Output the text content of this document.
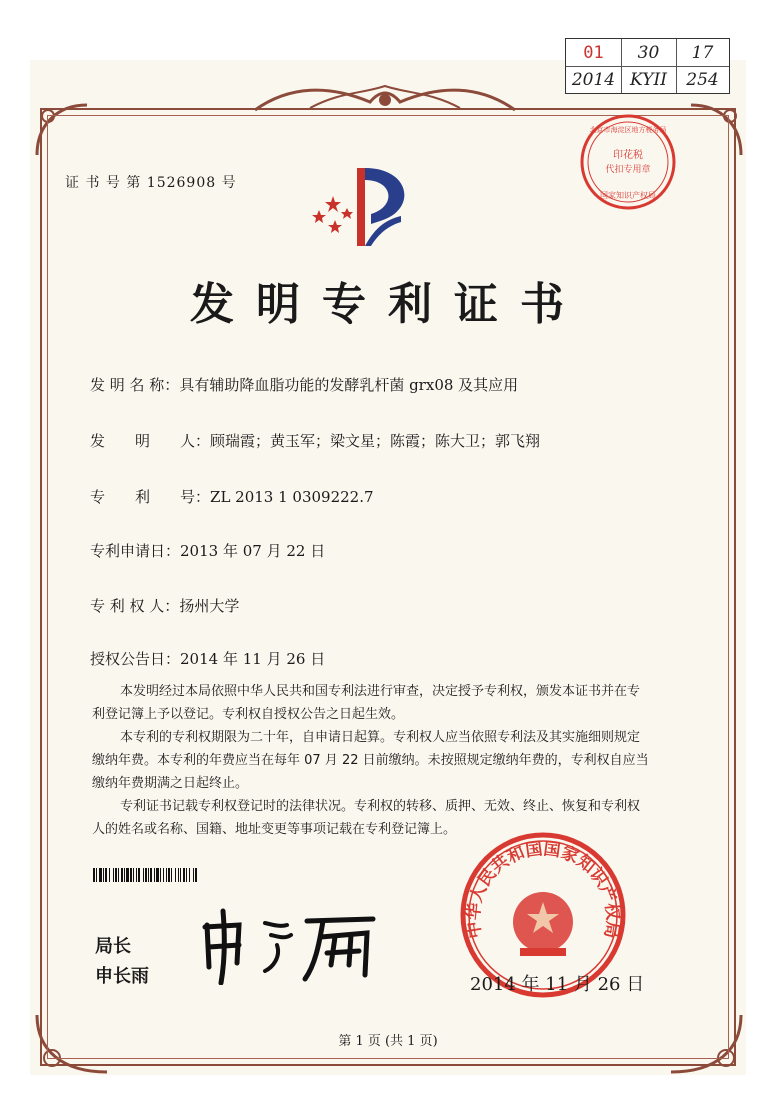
01	30	17
2014 KYII	254
印花税
代扣专用章
北京市海淀区地方税务局
国家知识产权局
证 书 号 第 1526908 号
发明专利证书
发 明 名 称：具有辅助降血脂功能的发酵乳杆菌 grx08 及其应用
发　　明　　人：顾瑞霞；黄玉军；梁文星；陈霞；陈大卫；郭飞翔
专　　利　　号：ZL 2013 1 0309222.7
专利申请日：2013 年 07 月 22 日
专 利 权 人：扬州大学
授权公告日：2014 年 11 月 26 日

本发明经过本局依照中华人民共和国专利法进行审查，决定授予专利权，颁发本证书并在专利登记簿上予以登记。专利权自授权公告之日起生效。

本专利的专利权期限为二十年，自申请日起算。专利权人应当依照专利法及其实施细则规定缴纳年费。本专利的年费应当在每年 07 月 22 日前缴纳。未按照规定缴纳年费的，专利权自应当缴纳年费期满之日起终止。

专利证书记载专利权登记时的法律状况。专利权的转移、质押、无效、终止、恢复和专利权人的姓名或名称、国籍、地址变更等事项记载在专利登记簿上。

中华人民共和国国家知识产权局
局长
申长雨	2014 年 11 月 26 日
第 1 页 (共 1 页)
